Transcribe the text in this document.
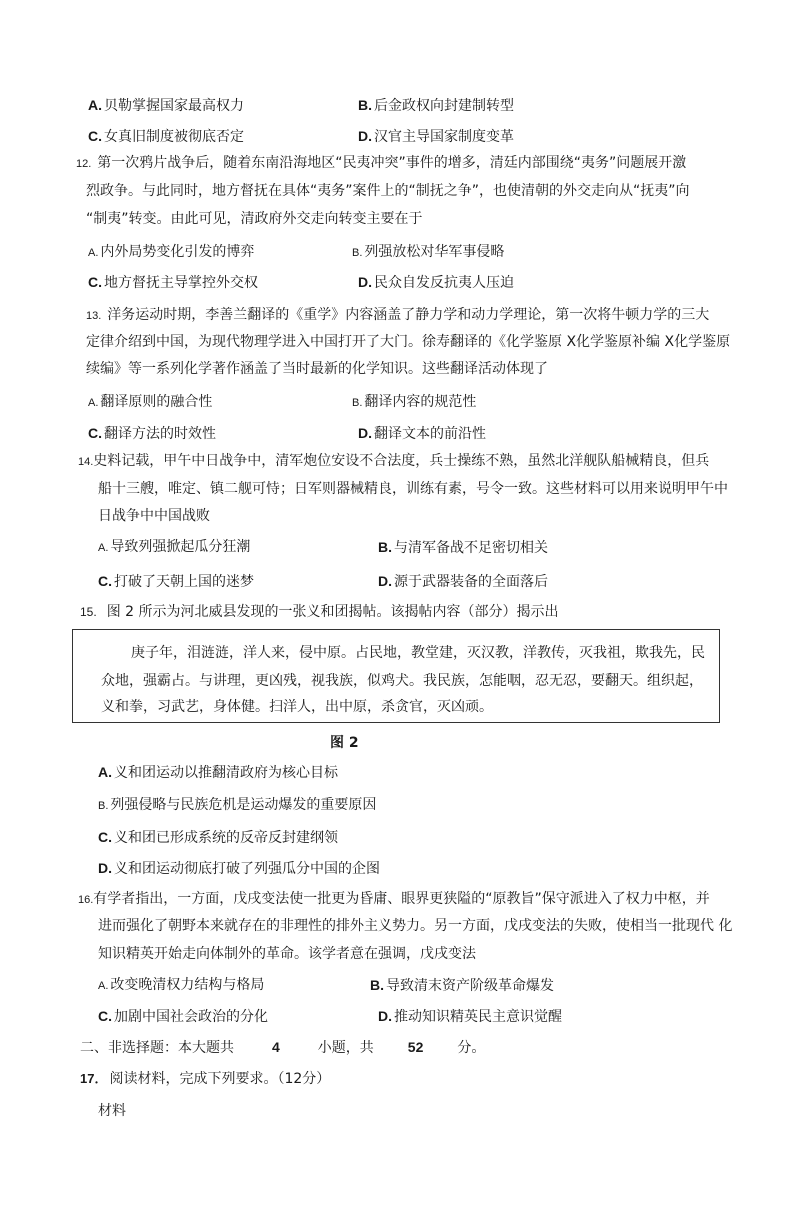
A. 贝勒掌握国家最高权力	B. 后金政权向封建制转型
C. 女真旧制度被彻底否定	D. 汉官主导国家制度变革
12. 第一次鸦片战争后，随着东南沿海地区“民夷冲突”事件的增多，清廷内部围绕“夷务”问题展开激
烈政争。与此同时，地方督抚在具体“夷务”案件上的“制抚之争”，也使清朝的外交走向从“抚夷”向
“制夷”转变。由此可见，清政府外交走向转变主要在于
A. 内外局势变化引发的博弈	B. 列强放松对华军事侵略
C. 地方督抚主导掌控外交权	D. 民众自发反抗夷人压迫
13. 洋务运动时期，李善兰翻译的《重学》内容涵盖了静力学和动力学理论，第一次将牛顿力学的三大
定律介绍到中国，为现代物理学进入中国打开了大门。徐寿翻译的《化学鉴原 X化学鉴原补编 X化学鉴原
续编》等一系列化学著作涵盖了当时最新的化学知识。这些翻译活动体现了
A. 翻译原则的融合性	B. 翻译内容的规范性
C. 翻译方法的时效性	D. 翻译文本的前沿性
14.史料记载，甲午中日战争中，清军炮位安设不合法度，兵士操练不熟，虽然北洋舰队船械精良，但兵
船十三艘，唯定、镇二舰可恃；日军则器械精良，训练有素，号令一致。这些材料可以用来说明甲午中
日战争中中国战败
A. 导致列强掀起瓜分狂潮	B. 与清军备战不足密切相关
C. 打破了天朝上国的迷梦	D. 源于武器装备的全面落后
15. 图 2 所示为河北威县发现的一张义和团揭帖。该揭帖内容（部分）揭示出
庚子年，泪涟涟，洋人来，侵中原。占民地，教堂建，灭汉教，洋教传，灭我祖，欺我先，民
众地，强霸占。与讲理，更凶残，视我族，似鸡犬。我民族，怎能咽，忍无忍，要翻天。组织起，
义和拳，习武艺，身体健。扫洋人，出中原，杀贪官，灭凶顽。
图 2
A. 义和团运动以推翻清政府为核心目标
B. 列强侵略与民族危机是运动爆发的重要原因
C. 义和团已形成系统的反帝反封建纲领
D. 义和团运动彻底打破了列强瓜分中国的企图
16.有学者指出，一方面，戊戌变法使一批更为昏庸、眼界更狭隘的“原教旨”保守派进入了权力中枢，并
进而强化了朝野本来就存在的非理性的排外主义势力。另一方面，戊戌变法的失败，使相当一批现代 化
知识精英开始走向体制外的革命。该学者意在强调，戊戌变法
A. 改变晚清权力结构与格局	B. 导致清末资产阶级革命爆发
C. 加剧中国社会政治的分化	D. 推动知识精英民主意识觉醒
二、非选择题：本大题共	4	小题，共 52 分。
17． 阅读材料，完成下列要求。（12分）
材料
